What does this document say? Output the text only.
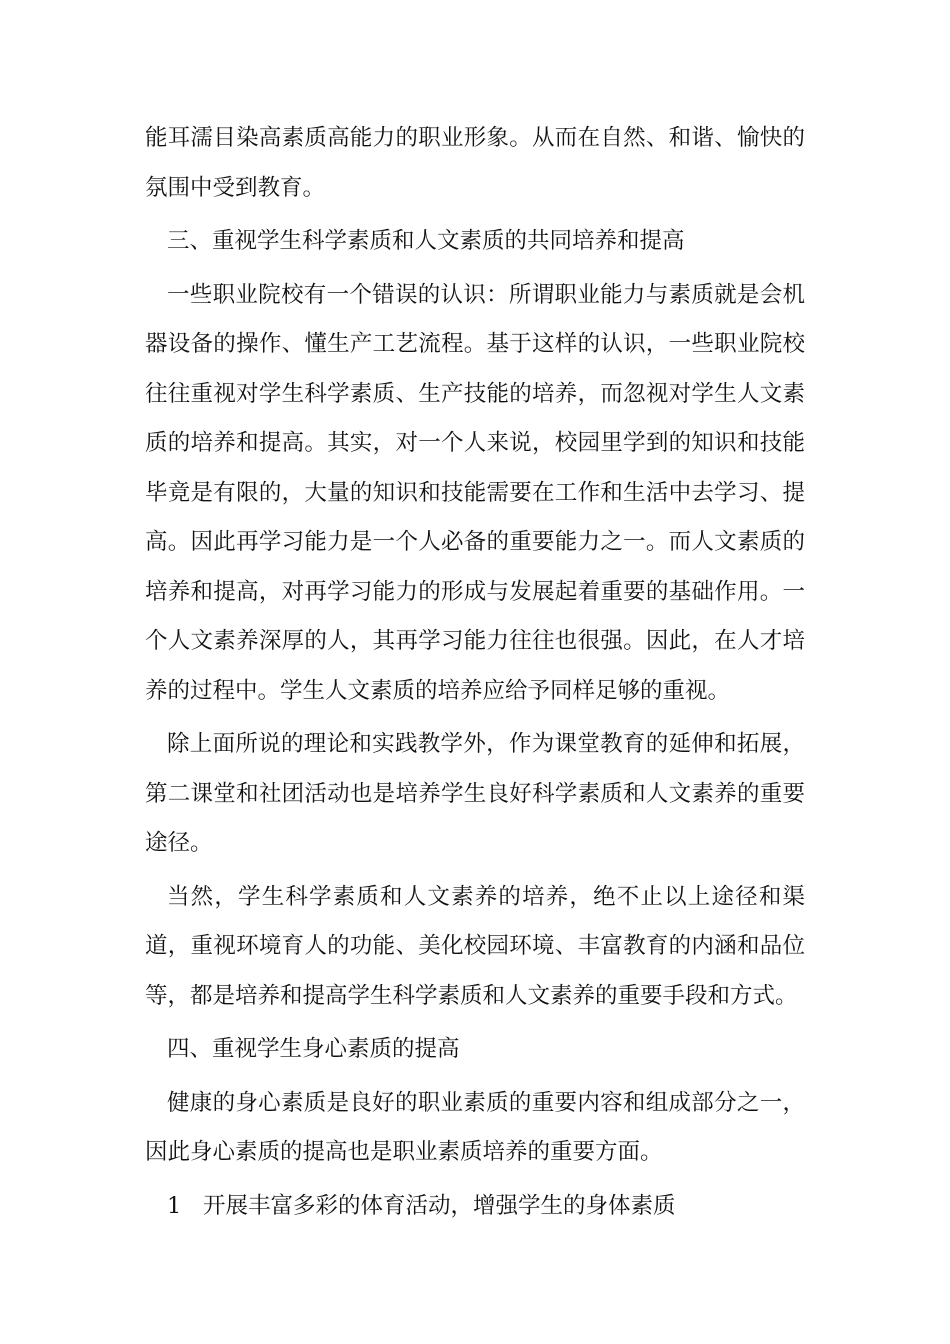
能耳濡目染高素质高能力的职业形象。从而在自然、和谐、愉快的氛围中受到教育。

三、重视学生科学素质和人文素质的共同培养和提高

一些职业院校有一个错误的认识：所谓职业能力与素质就是会机器设备的操作、懂生产工艺流程。基于这样的认识，一些职业院校往往重视对学生科学素质、生产技能的培养，而忽视对学生人文素质的培养和提高。其实，对一个人来说，校园里学到的知识和技能毕竟是有限的，大量的知识和技能需要在工作和生活中去学习、提高。因此再学习能力是一个人必备的重要能力之一。而人文素质的培养和提高，对再学习能力的形成与发展起着重要的基础作用。一个人文素养深厚的人，其再学习能力往往也很强。因此，在人才培养的过程中。学生人文素质的培养应给予同样足够的重视。

除上面所说的理论和实践教学外，作为课堂教育的延伸和拓展，第二课堂和社团活动也是培养学生良好科学素质和人文素养的重要途径。

当然，学生科学素质和人文素养的培养，绝不止以上途径和渠道，重视环境育人的功能、美化校园环境、丰富教育的内涵和品位等，都是培养和提高学生科学素质和人文素养的重要手段和方式。

四、重视学生身心素质的提高

健康的身心素质是良好的职业素质的重要内容和组成部分之一，因此身心素质的提高也是职业素质培养的重要方面。

1 开展丰富多彩的体育活动，增强学生的身体素质
